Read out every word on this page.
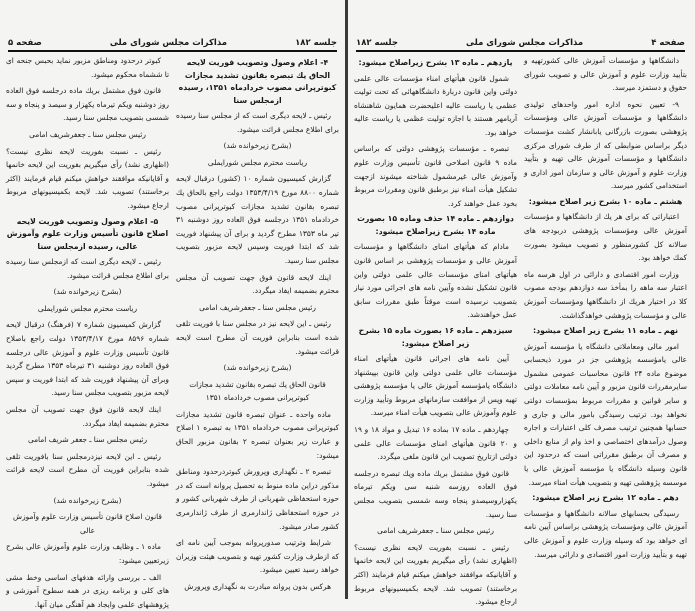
جلسه ۱۸۲
مذاکرات مجلس شورای ملی
صفحه ۵
۴- اعلام وصول وتصویب فوریت لایحه الحاق یك تبصره بقانون تشدید مجازات کبوترپرانی مصوب خردادماه ۱۳۵۱، رسیده ازمجلس سنا
رئیس ـ لایحه دیگری است که از مجلس سنا رسیده برای اطلاع مجلس قرائت میشود.
(بشرح زیرخوانده شد)
ریاست محترم مجلس شورایملی
گزارش کمیسیون شماره ۱۰ (کشور) درقبال لایحه شماره ۸۸۰۰ مورخ ۱۳۵۳/۴/۱۹ دولت راجع بالحاق یك تبصره بقانون تشدید مجازات کبوترپرانی مصوب خردادماه ۱۳۵۱ درجلسه فوق العاده روز دوشنبه ۳۱ تیر ماه ۱۳۵۳ مطرح گردید و برای آن پیشنهاد فوریت شد که ابتدا فوریت وسپس لایحه مزبور بتصویب مجلس سنا رسید.
اینك لایحه قانون فوق جهت تصویب آن مجلس محترم بضمیمه ایفاد میگردد.
رئیس مجلس سنا ـ جعفرشریف امامی
رئیس ـ این لایحه نیز در مجلس سنا با فوریت تلقی شده است بنابراین فوریت آن مطرح است لایحه قرائت میشود.
(بشرح زیرخوانده شد)
قانون الحاق یك تبصره بقانون تشدید مجازات کبوترپرانی مصوب خردادماه ۱۳۵۱
ماده واحده ـ عنوان تبصره قانون تشدید مجازات کبوترپرانی مصوب خردادماه ۱۳۵۱ به تبصره ۱ اصلاح و عبارت زیر بعنوان تبصره ۲ بقانون مزبور الحاق میشود:
تبصره ۲ ـ نگهداری وپرورش کبوتردرحدود ومناطق مذکور دراین ماده منوط به تحصیل پروانه است که در حوزه استحفاظی شهربانی از طرف شهربانی کشور و در حوزه استحفاظی ژاندارمری از طرف ژاندارمری کشور صادر میشود.
شرایط وترتیب صدورپروانه بموجب آیین نامه ای که ازطرف وزارت کشور تهیه و بتصویب هیئت وزیران خواهد رسید تعیین میشود.
هرکس بدون پروانه مبادرت به نگهداری وپرورش
کبوتر درحدود ومناطق مزبور نماید بحبس جنحه ای تا ششماه محکوم میشود.
قانون فوق مشتمل بریك ماده درجلسه فوق العاده روز دوشنبه ویکم تیرماه یکهزار و سیصد و پنجاه و سه شمسی بتصویب مجلس سنا رسید.
رئیس مجلس سنا ـ جعفرشریف امامی
رئیس ـ نسبت بفوریت لایحه نظری نیست؟ (اظهاری نشد) رأی میگیریم بفوریت این لایحه خانمها و آقایانیکه موافقند خواهش میکنم قیام فرمایند (اکثر برخاستند) تصویب شد. لایحه بکمیسیونهای مربوط ارجاع میشود.
۵- اعلام وصول وتصویب فوریت لایحه اصلاح قانون تأسیس وزارت علوم وآموزش عالی، رسیده ازمجلس سنا
رئیس ـ لایحه دیگری است که ازمجلس سنا رسیده برای اطلاع مجلس قرائت میشود.
(بشرح زیرخوانده شد)
ریاست محترم مجلس شورایملی
گزارش کمیسیون شماره ۷ (فرهنگ) درقبال لایحه شماره ۸۵۹۶ مورخ ۱۳۵۳/۴/۱۷ دولت راجع باصلاح قانون تأسیس وزارت علوم و آموزش عالی درجلسه فوق العاده روز دوشنبه ۳۱ تیرماه ۱۳۵۳ مطرح گردید وبرای آن پیشنهاد فوریت شد که ابتدا فوریت و سپس لایحه مزبور بتصویب مجلس سنا رسید.
اینك لایحه قانون فوق جهت تصویب آن مجلس محترم بضمیمه ایفاد میگردد.
رئیس مجلس سنا ـ جعفر شریف امامی
رئیس ـ این لایحه نیزدرمجلس سنا بافوریت تلقی شده بنابراین فوریت آن مطرح است لایحه قرائت میشود.
(بشرح زیرخوانده شد)
قانون اصلاح قانون تأسیس وزارت علوم وآموزش عالی
ماده ۱ ـ وظایف وزارت علوم وآموزش عالی بشرح زیرتعیین میشود:
الف ـ بررسی وارائه هدفهای اساسی وخط مشی های کلی و برنامه ریزی در همه سطوح آموزشی و پژوهشهای علمی وایجاد هم آهنگی میان آنها.
صفحه ۴
مذاکرات مجلس شورای ملی
جلسه ۱۸۲
دانشگاهها و مؤسسات آموزش عالی کشورتهیه و بتأیید وزارت علوم و آموزش عالی و تصویب شورای حقوق و دستمزد میرسد.
۹- تعیین نحوه اداره امور واحدهای تولیدی دانشگاهها و مؤسسات آموزش عالی ومؤسسات پژوهشی بصورت بازرگانی یابانشار کشت مؤسسات دیگر براساس ضوابطی که از طرف شورای مرکزی دانشگاهها و مؤسسات آموزش عالی تهیه و بتأیید وزارت علوم و آموزش عالی و سازمان امور اداری و استخدامی کشور میرسد.
هشتم ـ ماده ۱۰ بشرح زیر اصلاح میشود:
اعتباراتی که برای هر یك از دانشگاهها و مؤسسات آموزش عالی ومؤسسات پژوهشی دربودجه های سالانه کل کشورمنظور و تصویب میشود بصورت کمك خواهد بود.
وزارت امور اقتصادی و دارائی در اول هرسه ماه اعتبار سه ماهه را بمأخذ سه دوازدهم بودجه مصوب کلا در اختیار هریك از دانشگاهها ومؤسسات آموزش عالی و مؤسسات پژوهشی خواهدگذاشت.
نهم ـ ماده ۱۱ بشرح زیر اصلاح میشود:
امور مالی ومعاملاتی دانشگاه یا مؤسسه آموزش عالی یامؤسسه پژوهشی جز در مورد ذیحسابی موضوع ماده ۲۴ قانون محاسبات عمومی مشمول سایرمقررات قانون مزبور و آیین نامه معاملات دولتی و سایر قوانین و مقررات مربوط بمؤسسات دولتی نخواهد بود. ترتیب رسیدگی بامور مالی و جاری و حسابها همچنین ترتیب مصرف کلی اعتبارات و اجاره وصول درآمدهای اختصاصی و اخذ وام از منابع داخلی و مصرف آن برطبق مقرراتی است که درحدود این قانون وسیله دانشگاه یا مؤسسه آموزش عالی یا موسسه پژوهشی تهیه و بتصویب هیأت امناء میرسد.
دهم ـ ماده ۱۲ بشرح زیر اصلاح میشود:
رسیدگی بحسابهای سالانه دانشگاهها و مؤسسات آموزش عالی ومؤسسات پژوهشی براساس آیین نامه ای خواهد بود که وسیله وزارت علوم و آموزش عالی تهیه و بتأیید وزارت امور اقتصادی و دارائی میرسد.
یازدهم ـ ماده ۱۳ بشرح زیراصلاح میشود:
شمول قانون هیأتهای امناء مؤسسات عالی علمی دولتی واین قانون دربارهٔ دانشگاههائی که تحت تولیت عظمی یا ریاست عالیه اعلیحضرت همایون شاهنشاه آریامهر هستند با اجازه تولیت عظمی یا ریاست عالیه خواهد بود.
تبصره ـ مؤسسات پژوهشی دولتی که براساس ماده ۹ قانون اصلاحی قانون تأسیس وزارت علوم وآموزش عالی غیرمشمول شناخته میشوند ازجهت تشکیل هیأت امناء نیز برطبق قانون ومقررات مربوط بخود عمل خواهند کرد.
دوازدهم ـ ماده ۱۴ حذف وماده ۱۵ بصورت ماده ۱۴ بشرح زیراصلاح میشود:
مادام که هیأتهای امنای دانشگاهها و مؤسسات آموزش عالی و مؤسسات پژوهشی بر اساس قانون هیأتهای امنای مؤسسات عالی علمی دولتی واین قانون تشکیل نشده وآیین نامه های اجرائی مورد نیاز بتصویب نرسیده است موقتاً طبق مقررات سابق عمل خواهندشد.
سیزدهم ـ ماده ۱۶ بصورت ماده ۱۵ بشرح زیر اصلاح میشود:
آیین نامه های اجرائی قانون هیأتهای امناء مؤسسات عالی علمی دولتی واین قانون بپیشنهاد دانشگاه یامؤسسه آموزش عالی یا مؤسسه پژوهشی تهیه وپس از موافقت سازمانهای مربوط وتأیید وزارت علوم وآموزش عالی بتصویب هیأت امناء میرسد.
چهاردهم ـ ماده ۱۷ بماده ۱۶ تبدیل و مواد ۱۸ و ۱۹ و ۲۰ قانون هیأتهای امنای مؤسسات عالی علمی دولتی ازتاریخ تصویب این قانون ملغی میگردد.
قانون فوق مشتمل بریك ماده ویك تبصره درجلسه فوق العاده روزسه شنبه سی ویکم تیرماه یکهزاروسیصدو پنجاه وسه شمسی بتصویب مجلس سنا رسید.
رئیس مجلس سنا ـ جعفرشریف امامی
رئیس ـ نسبت بفوریت لایحه نظری نیست؟ (اظهاری نشد) رأی میگیریم بفوریت این لایحه خانمها و آقایانیکه موافقند خواهش میکنم قیام فرمایند (اکثر برخاستند) تصویب شد. لایحه بکمیسیونهای مربوط ارجاع میشود.
